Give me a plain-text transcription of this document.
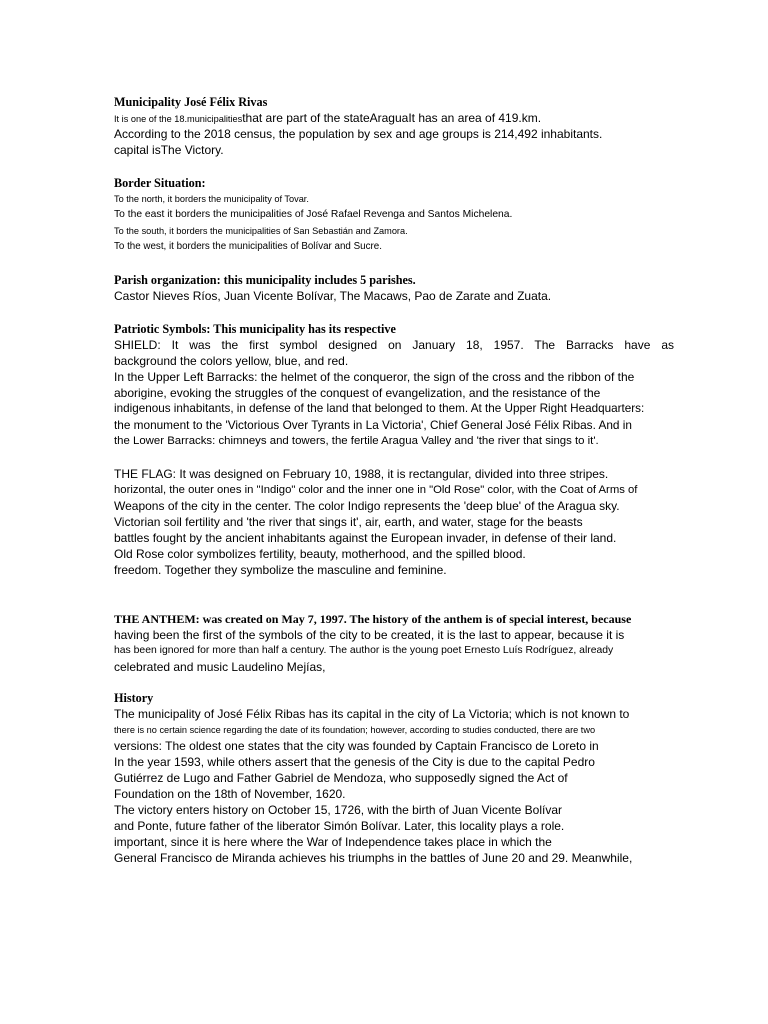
Municipality José Félix Rivas
It is one of the 18.municipalitiesthat are part of the stateAraguaIt has an area of 419.km.
According to the 2018 census, the population by sex and age groups is 214,492 inhabitants.
capital isThe Victory.
Border Situation:
To the north, it borders the municipality of Tovar.
To the east it borders the municipalities of José Rafael Revenga and Santos Michelena.
To the south, it borders the municipalities of San Sebastián and Zamora.
To the west, it borders the municipalities of Bolívar and Sucre.
Parish organization: this municipality includes 5 parishes.
Castor Nieves Ríos, Juan Vicente Bolívar, The Macaws, Pao de Zarate and Zuata.
Patriotic Symbols: This municipality has its respective
SHIELD: It was the first symbol designed on January 18, 1957. The Barracks have as
background the colors yellow, blue, and red.
In the Upper Left Barracks: the helmet of the conqueror, the sign of the cross and the ribbon of the
aborigine, evoking the struggles of the conquest of evangelization, and the resistance of the
indigenous inhabitants, in defense of the land that belonged to them. At the Upper Right Headquarters:
the monument to the 'Victorious Over Tyrants in La Victoria', Chief General José Félix Ribas. And in
the Lower Barracks: chimneys and towers, the fertile Aragua Valley and 'the river that sings to it'.
THE FLAG: It was designed on February 10, 1988, it is rectangular, divided into three stripes.
horizontal, the outer ones in "Indigo" color and the inner one in "Old Rose" color, with the Coat of Arms of
Weapons of the city in the center. The color Indigo represents the 'deep blue' of the Aragua sky.
Victorian soil fertility and 'the river that sings it', air, earth, and water, stage for the beasts
battles fought by the ancient inhabitants against the European invader, in defense of their land.
Old Rose color symbolizes fertility, beauty, motherhood, and the spilled blood.
freedom. Together they symbolize the masculine and feminine.
THE ANTHEM: was created on May 7, 1997. The history of the anthem is of special interest, because
having been the first of the symbols of the city to be created, it is the last to appear, because it is
has been ignored for more than half a century. The author is the young poet Ernesto Luís Rodríguez, already
celebrated and music Laudelino Mejías,
History
The municipality of José Félix Ribas has its capital in the city of La Victoria; which is not known to
there is no certain science regarding the date of its foundation; however, according to studies conducted, there are two
versions: The oldest one states that the city was founded by Captain Francisco de Loreto in
In the year 1593, while others assert that the genesis of the City is due to the capital Pedro
Gutiérrez de Lugo and Father Gabriel de Mendoza, who supposedly signed the Act of
Foundation on the 18th of November, 1620.
The victory enters history on October 15, 1726, with the birth of Juan Vicente Bolívar
and Ponte, future father of the liberator Simón Bolívar. Later, this locality plays a role.
important, since it is here where the War of Independence takes place in which the
General Francisco de Miranda achieves his triumphs in the battles of June 20 and 29. Meanwhile,
